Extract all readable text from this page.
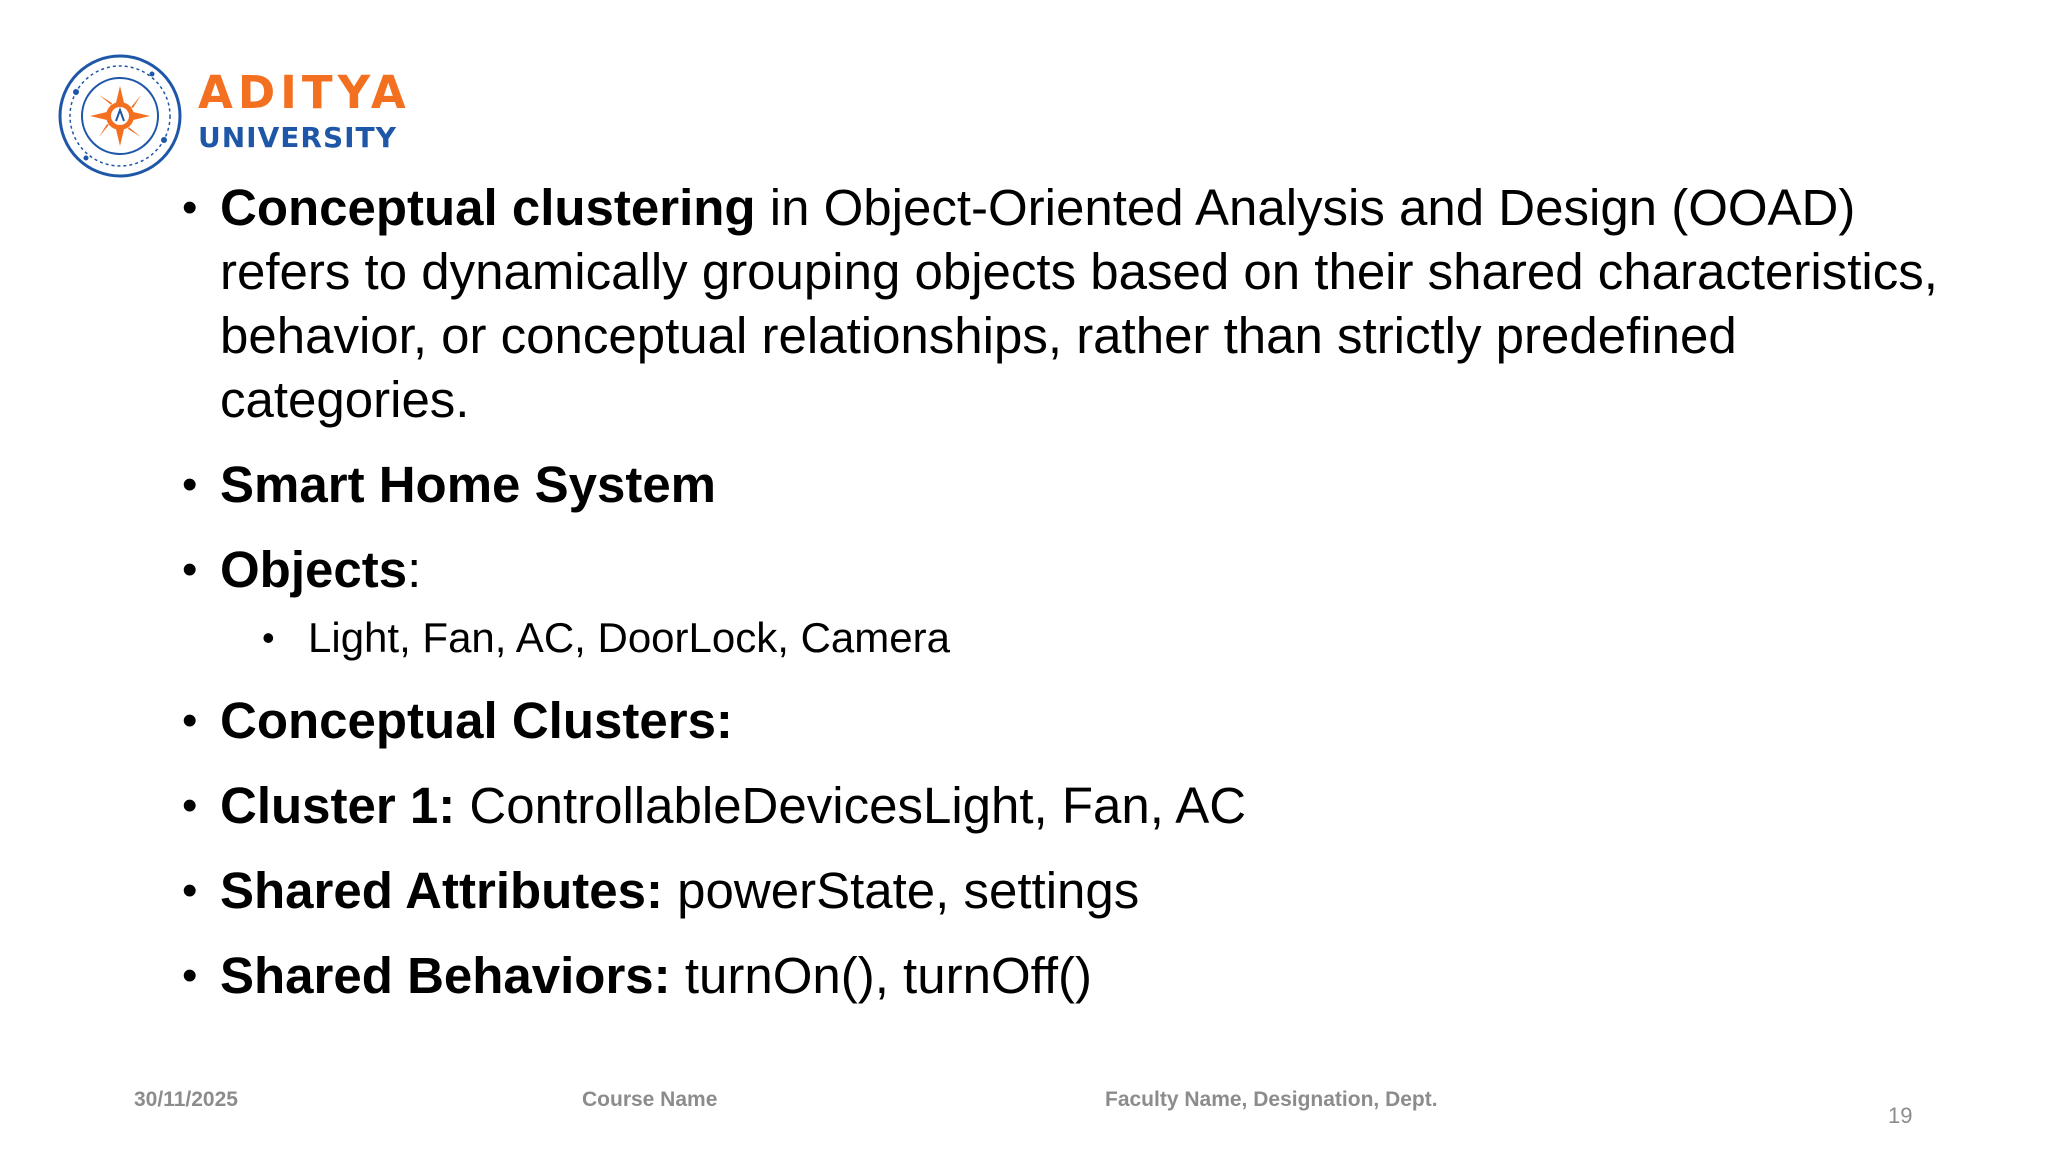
ADITYA
UNIVERSITY
• Conceptual clustering in Object-Oriented Analysis and Design (OOAD) refers to dynamically grouping objects based on their shared characteristics, behavior, or conceptual relationships, rather than strictly predefined categories.
• Smart Home System
• Objects:
• Light, Fan, AC, DoorLock, Camera
• Conceptual Clusters:
• Cluster 1: ControllableDevicesLight, Fan, AC
• Shared Attributes: powerState, settings
• Shared Behaviors: turnOn(), turnOff()
30/11/2025	Course Name	Faculty Name, Designation, Dept.
19
